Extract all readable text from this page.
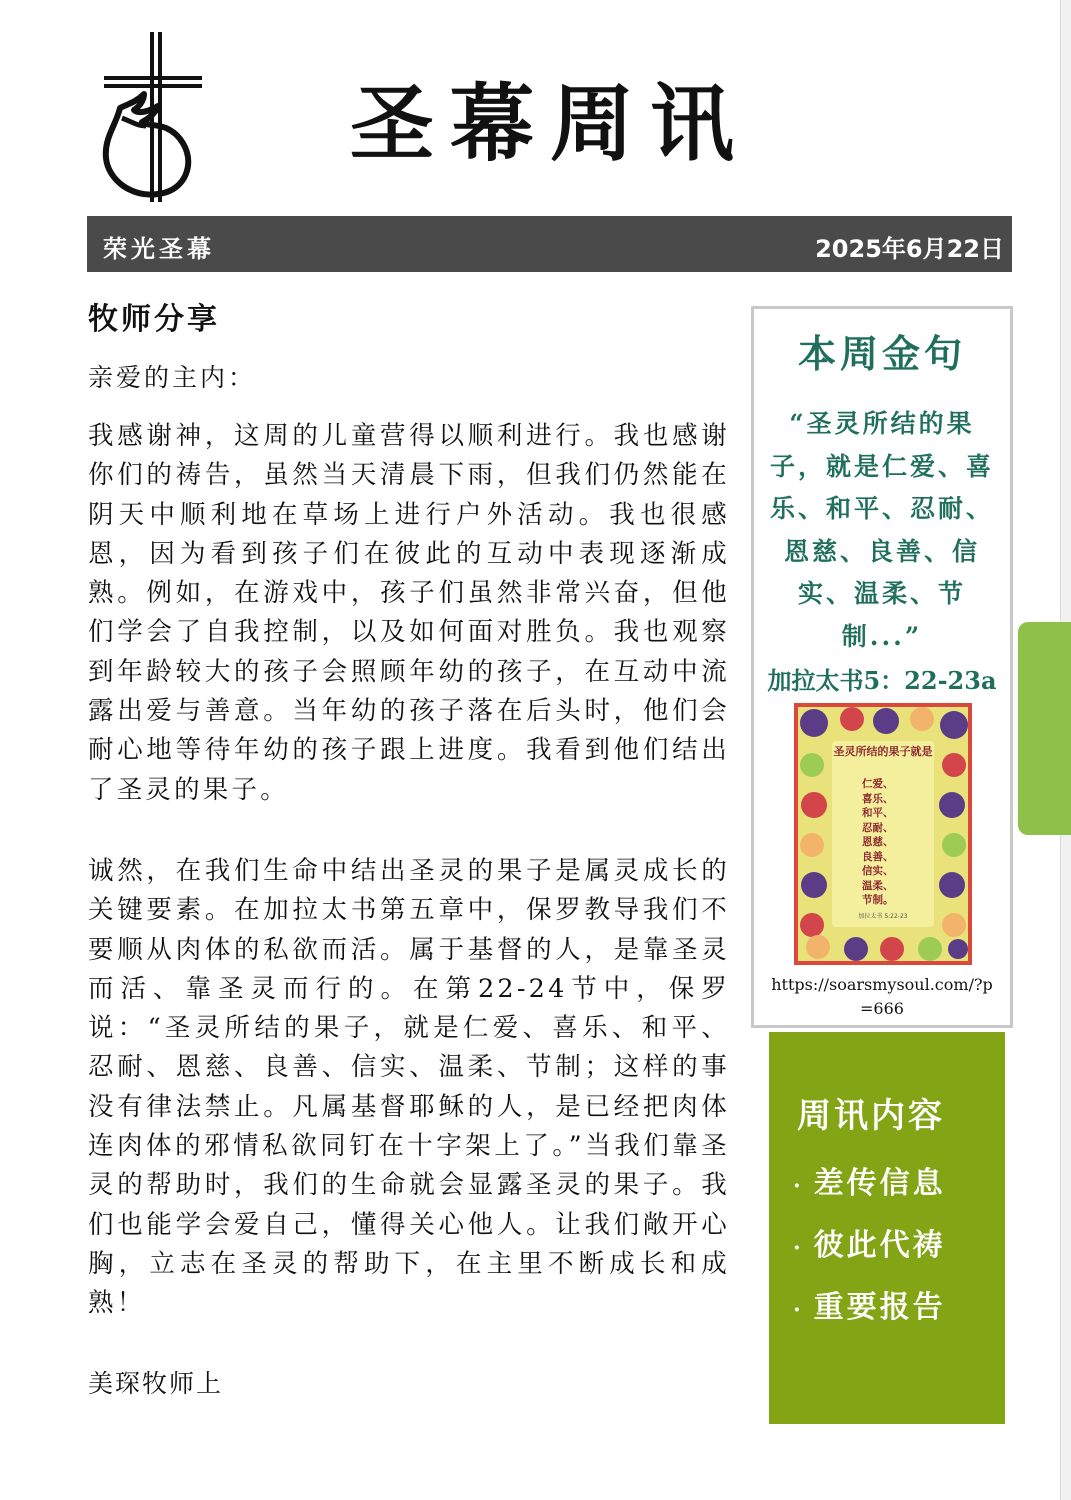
圣幕周讯
荣光圣幕	2025年6月22日
牧师分享
亲爱的主内：
我感谢神，这周的儿童营得以顺利进行。我也感谢你们的祷告，虽然当天清晨下雨，但我们仍然能在阴天中顺利地在草场上进行户外活动。我也很感恩，因为看到孩子们在彼此的互动中表现逐渐成熟。例如，在游戏中，孩子们虽然非常兴奋，但他们学会了自我控制，以及如何面对胜负。我也观察到年龄较大的孩子会照顾年幼的孩子，在互动中流露出爱与善意。当年幼的孩子落在后头时，他们会耐心地等待年幼的孩子跟上进度。我看到他们结出了圣灵的果子。
诚然，在我们生命中结出圣灵的果子是属灵成长的关键要素。在加拉太书第五章中，保罗教导我们不要顺从肉体的私欲而活。属于基督的人，是靠圣灵而活、靠圣灵而行的。在第22-24节中，保罗说：“圣灵所结的果子，就是仁爱、喜乐、和平、忍耐、恩慈、良善、信实、温柔、节制；这样的事没有律法禁止。凡属基督耶稣的人，是已经把肉体连肉体的邪情私欲同钉在十字架上了。”当我们靠圣灵的帮助时，我们的生命就会显露圣灵的果子。我们也能学会爱自己，懂得关心他人。让我们敞开心胸，立志在圣灵的帮助下，在主里不断成长和成熟！
美琛牧师上
本周金句
“圣灵所结的果子，就是仁爱、喜乐、和平、忍耐、恩慈、良善、信实、温柔、节制...”
加拉太书5：22-23a
圣灵所结的果子就是
仁爱、
喜乐、
和平、
忍耐、
恩慈、
良善、
信实、
温柔、
节制。
加拉太书 5:22-23
https://soarsmysoul.com/?p=666
周讯内容
· 差传信息
· 彼此代祷
· 重要报告
